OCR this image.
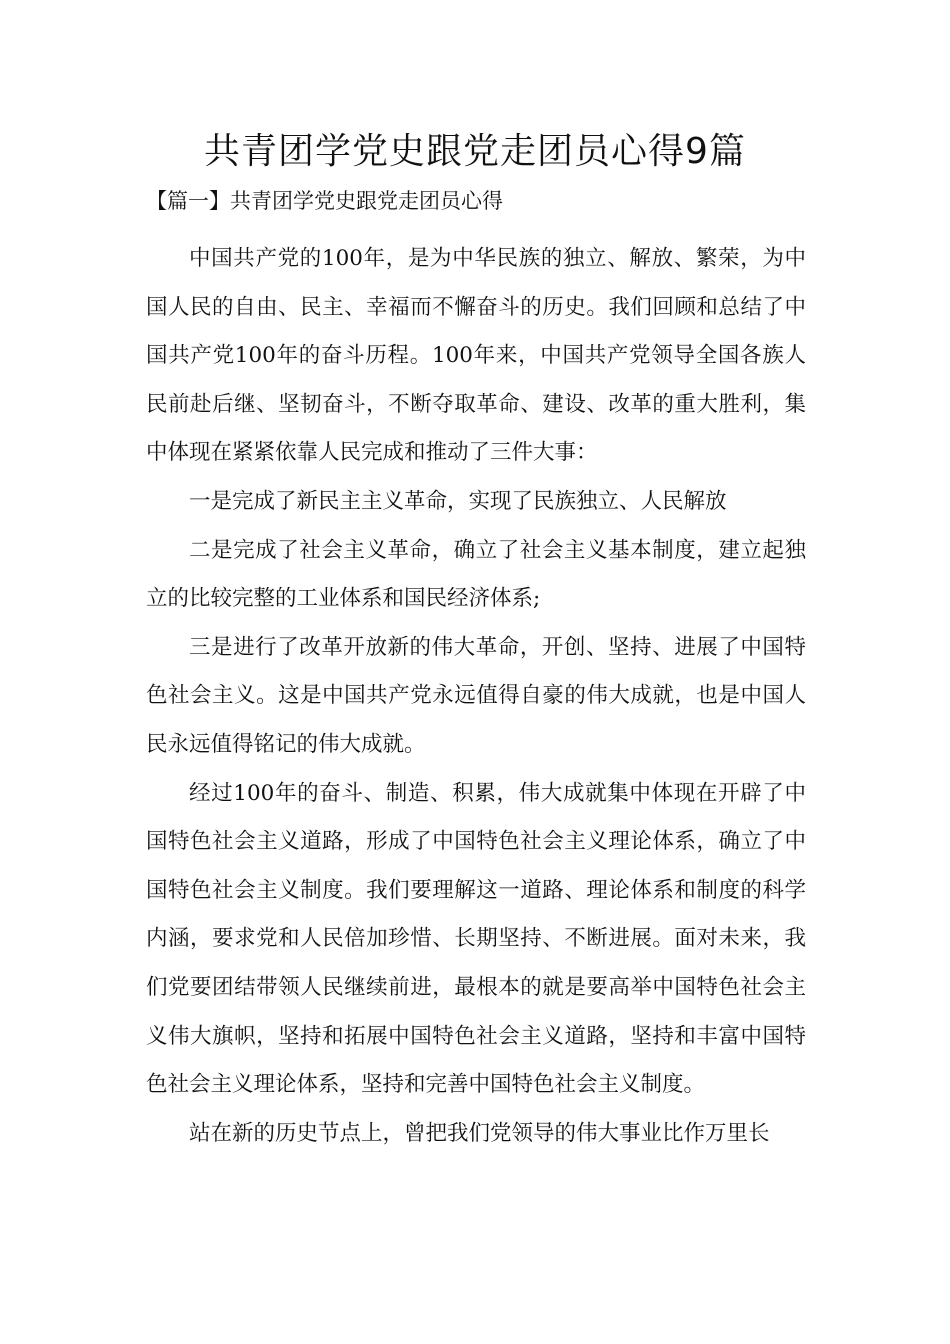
共青团学党史跟党走团员心得9篇
【篇一】共青团学党史跟党走团员心得

中国共产党的100年，是为中华民族的独立、解放、繁荣，为中国人民的自由、民主、幸福而不懈奋斗的历史。我们回顾和总结了中国共产党100年的奋斗历程。100年来，中国共产党领导全国各族人民前赴后继、坚韧奋斗，不断夺取革命、建设、改革的重大胜利，集中体现在紧紧依靠人民完成和推动了三件大事：

一是完成了新民主主义革命，实现了民族独立、人民解放

二是完成了社会主义革命，确立了社会主义基本制度，建立起独立的比较完整的工业体系和国民经济体系;

三是进行了改革开放新的伟大革命，开创、坚持、进展了中国特色社会主义。这是中国共产党永远值得自豪的伟大成就，也是中国人民永远值得铭记的伟大成就。

经过100年的奋斗、制造、积累，伟大成就集中体现在开辟了中国特色社会主义道路，形成了中国特色社会主义理论体系，确立了中国特色社会主义制度。我们要理解这一道路、理论体系和制度的科学内涵，要求党和人民倍加珍惜、长期坚持、不断进展。面对未来，我们党要团结带领人民继续前进，最根本的就是要高举中国特色社会主义伟大旗帜，坚持和拓展中国特色社会主义道路，坚持和丰富中国特色社会主义理论体系，坚持和完善中国特色社会主义制度。

站在新的历史节点上，曾把我们党领导的伟大事业比作万里长
